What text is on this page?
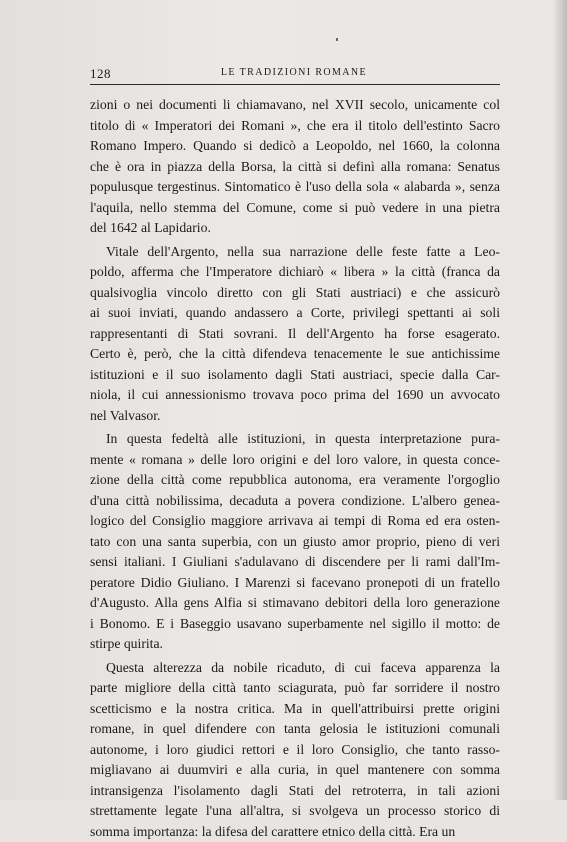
128	LE TRADIZIONI ROMANE
zioni o nei documenti li chiamavano, nel XVII secolo, unicamente col
titolo di « Imperatori dei Romani », che era il titolo dell'estinto Sacro
Romano Impero. Quando si dedicò a Leopoldo, nel 1660, la colonna
che è ora in piazza della Borsa, la città si definì alla romana: Senatus
populusque tergestinus. Sintomatico è l'uso della sola « alabarda », senza
l'aquila, nello stemma del Comune, come si può vedere in una pietra
del 1642 al Lapidario.
Vitale dell'Argento, nella sua narrazione delle feste fatte a Leo-
poldo, afferma che l'Imperatore dichiarò « libera » la città (franca da
qualsivoglia vincolo diretto con gli Stati austriaci) e che assicurò
ai suoi inviati, quando andassero a Corte, privilegi spettanti ai soli
rappresentanti di Stati sovrani. Il dell'Argento ha forse esagerato.
Certo è, però, che la città difendeva tenacemente le sue antichissime
istituzioni e il suo isolamento dagli Stati austriaci, specie dalla Car-
niola, il cui annessionismo trovava poco prima del 1690 un avvocato
nel Valvasor.
In questa fedeltà alle istituzioni, in questa interpretazione pura-
mente « romana » delle loro origini e del loro valore, in questa conce-
zione della città come repubblica autonoma, era veramente l'orgoglio
d'una città nobilissima, decaduta a povera condizione. L'albero genea-
logico del Consiglio maggiore arrivava ai tempi di Roma ed era osten-
tato con una santa superbia, con un giusto amor proprio, pieno di veri
sensi italiani. I Giuliani s'adulavano di discendere per li rami dall'Im-
peratore Didio Giuliano. I Marenzi si facevano pronepoti di un fratello
d'Augusto. Alla gens Alfia si stimavano debitori della loro generazione
i Bonomo. E i Baseggio usavano superbamente nel sigillo il motto: de
stirpe quirita.
Questa alterezza da nobile ricaduto, di cui faceva apparenza la
parte migliore della città tanto sciagurata, può far sorridere il nostro
scetticismo e la nostra critica. Ma in quell'attribuirsi prette origini
romane, in quel difendere con tanta gelosia le istituzioni comunali
autonome, i loro giudici rettori e il loro Consiglio, che tanto rasso-
migliavano ai duumviri e alla curia, in quel mantenere con somma
intransigenza l'isolamento dagli Stati del retroterra, in tali azioni
strettamente legate l'una all'altra, si svolgeva un processo storico di
somma importanza: la difesa del carattere etnico della città. Era un
